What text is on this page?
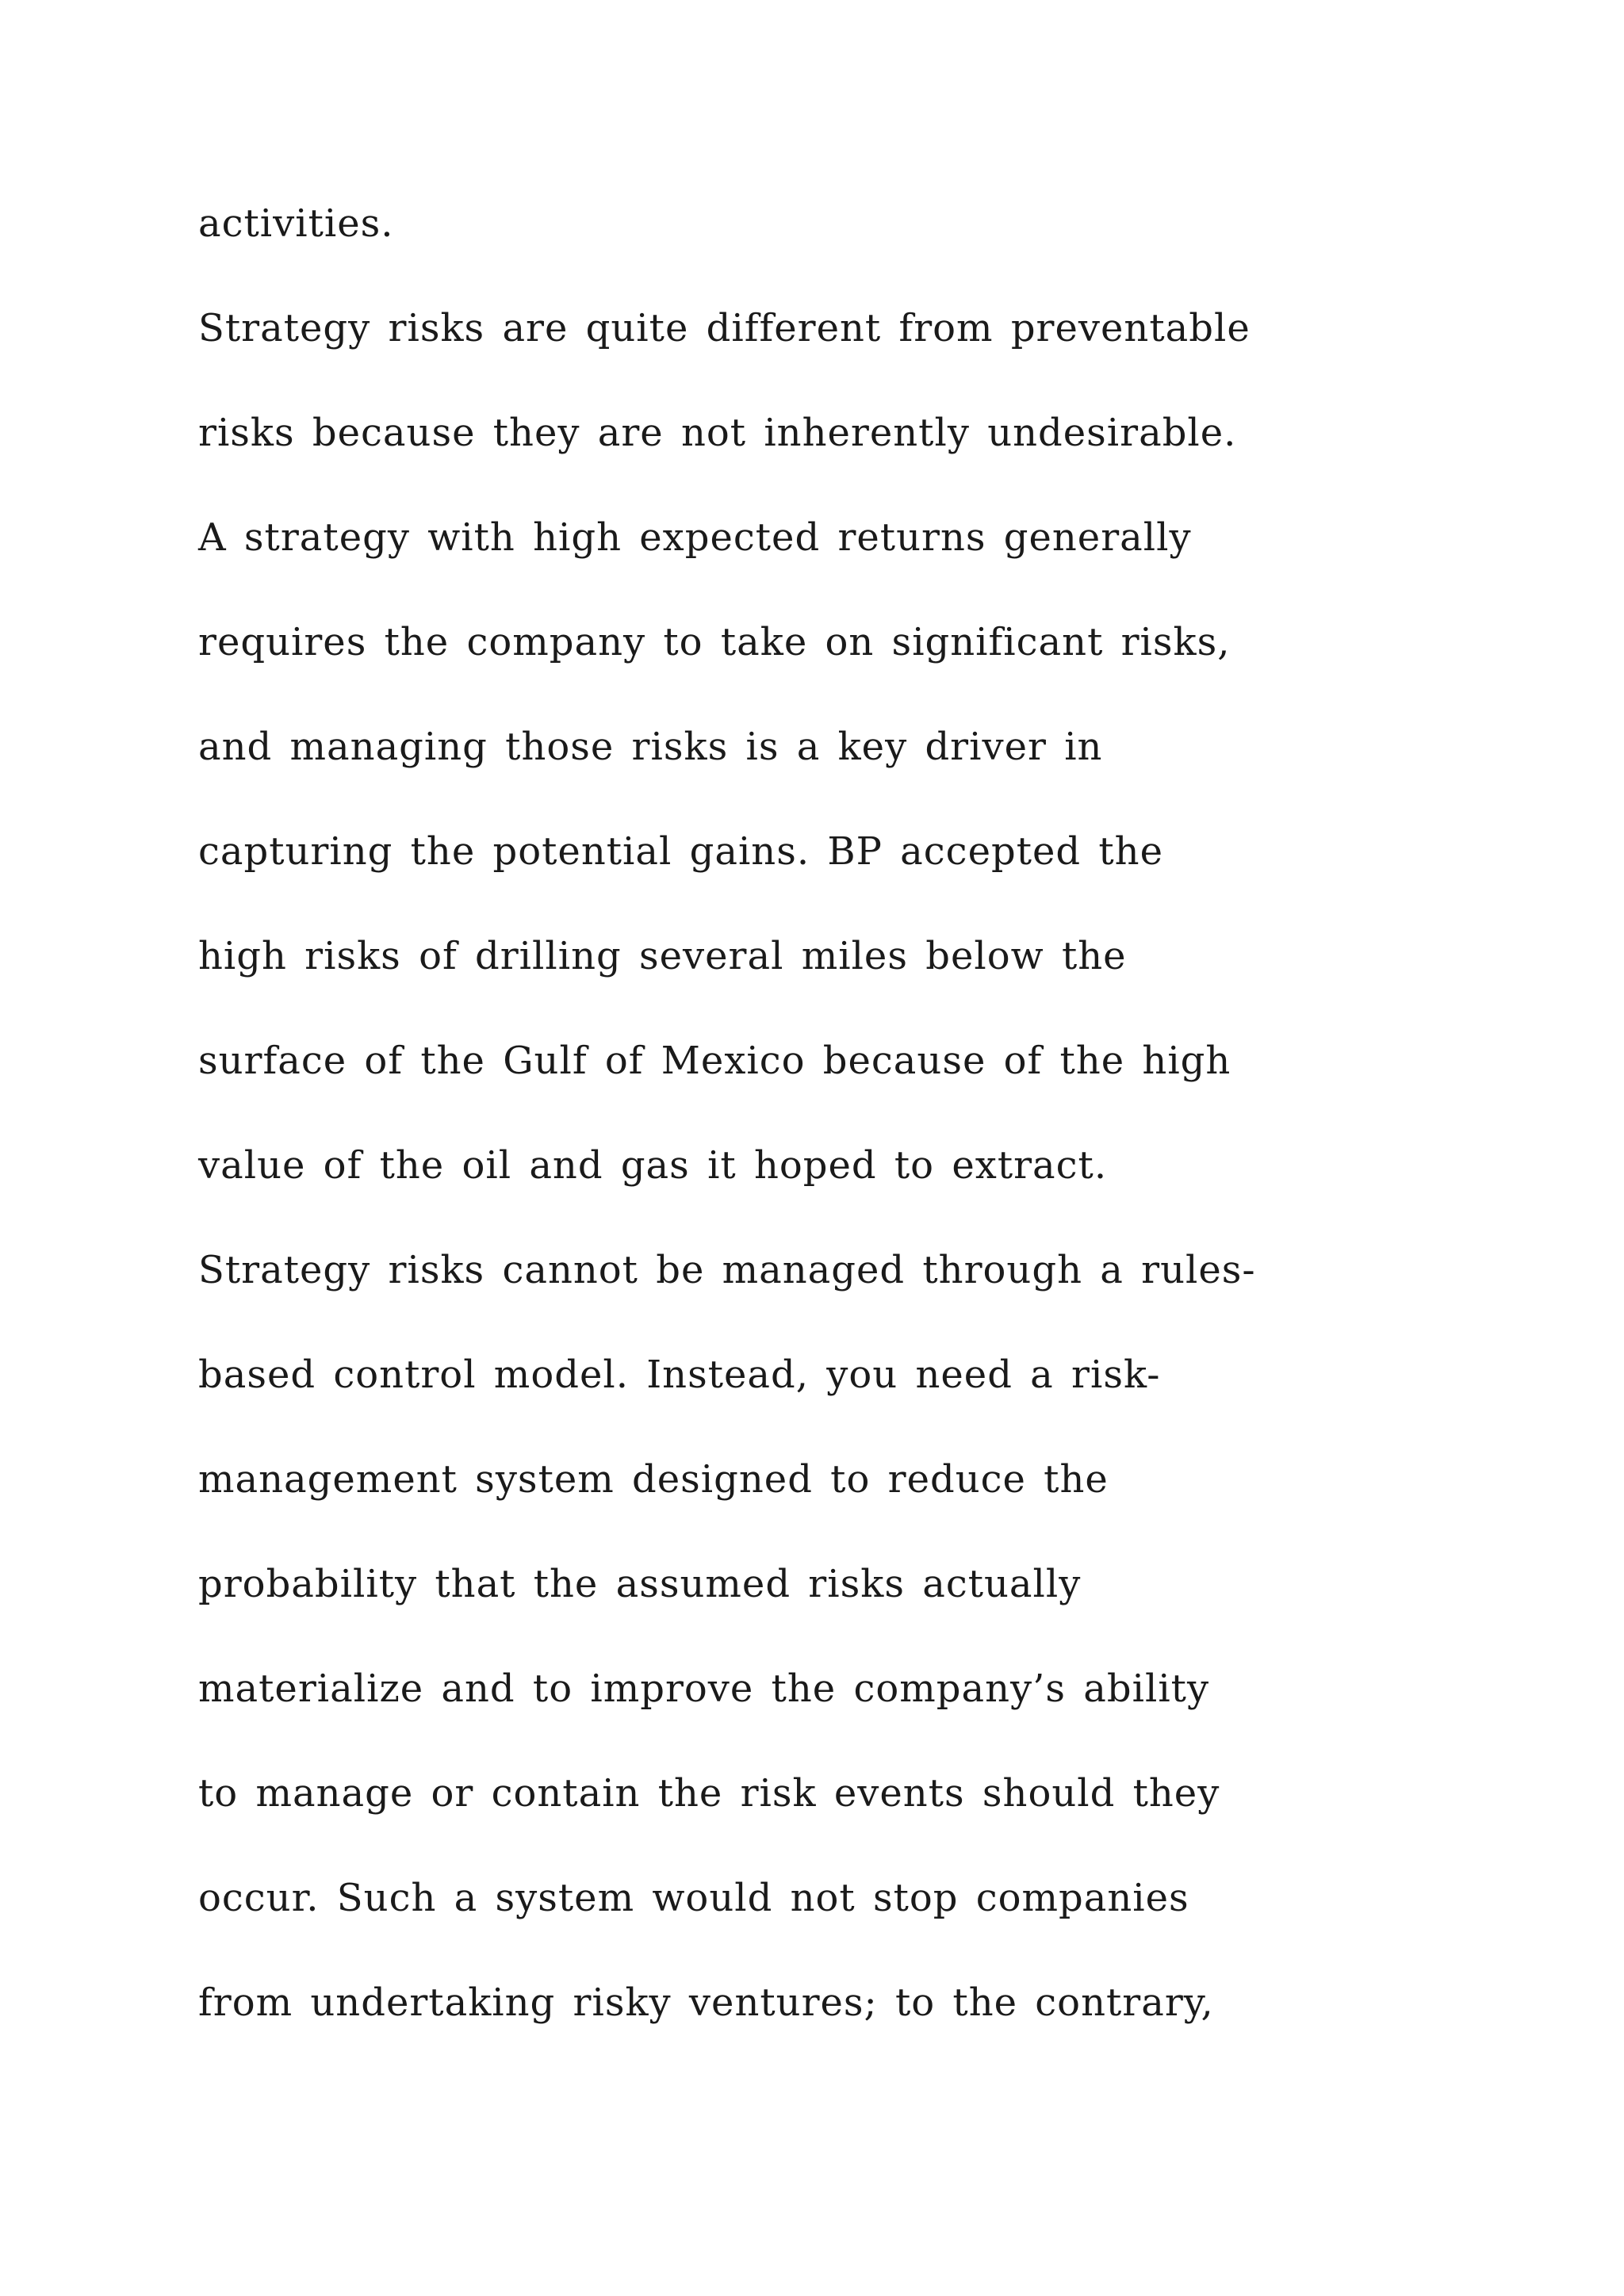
activities.
Strategy risks are quite different from preventable
risks because they are not inherently undesirable.
A strategy with high expected returns generally
requires the company to take on significant risks,
and managing those risks is a key driver in
capturing the potential gains. BP accepted the
high risks of drilling several miles below the
surface of the Gulf of Mexico because of the high
value of the oil and gas it hoped to extract.
Strategy risks cannot be managed through a rules-
based control model. Instead, you need a risk-
management system designed to reduce the
probability that the assumed risks actually
materialize and to improve the company’s ability
to manage or contain the risk events should they
occur. Such a system would not stop companies
from undertaking risky ventures; to the contrary,
